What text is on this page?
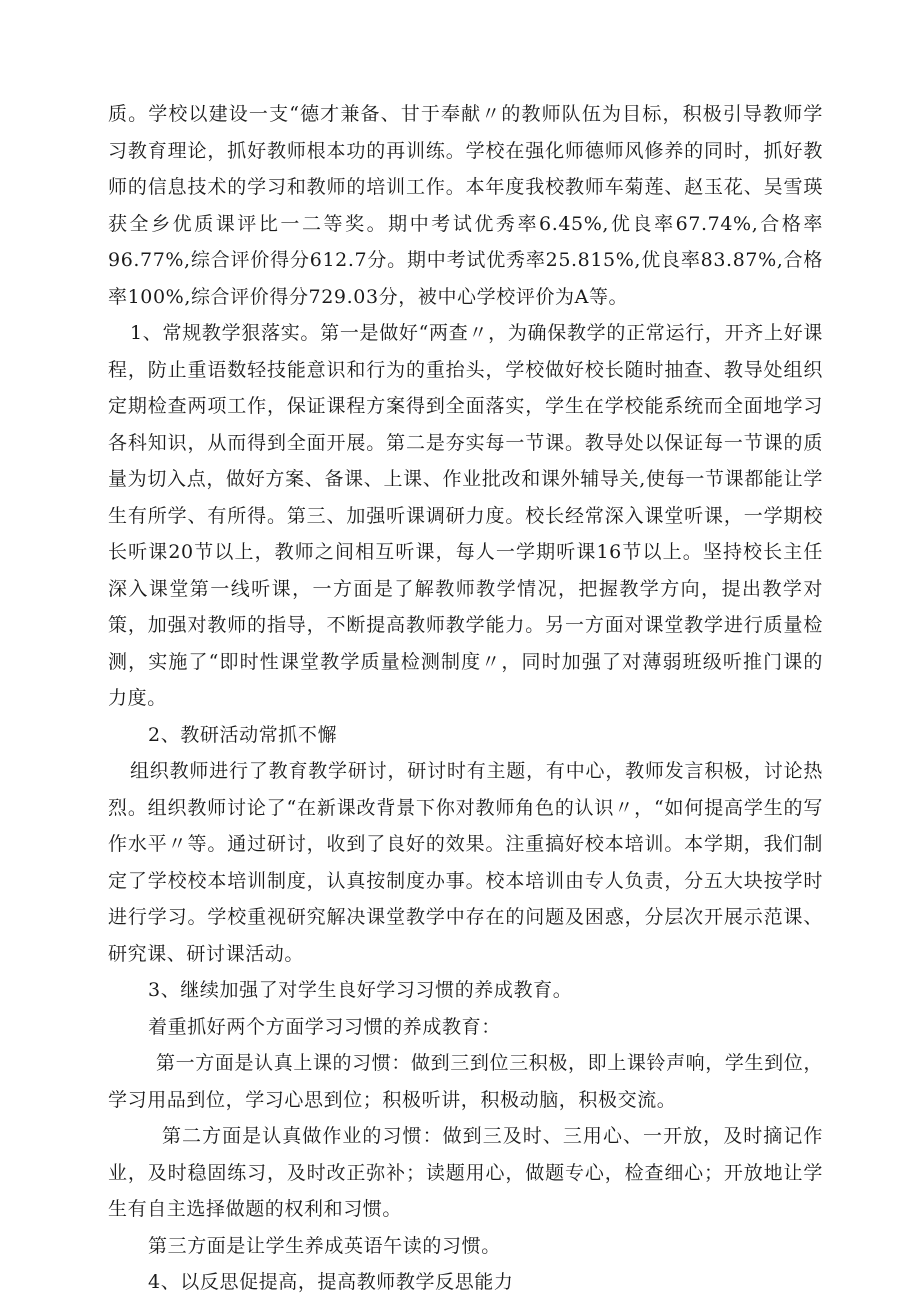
质。学校以建设一支“德才兼备、甘于奉献〃的教师队伍为目标，积极引导教师学习教育理论，抓好教师根本功的再训练。学校在强化师德师风修养的同时，抓好教师的信息技术的学习和教师的培训工作。本年度我校教师车菊莲、赵玉花、吴雪瑛获全乡优质课评比一二等奖。期中考试优秀率6.45%,优良率67.74%,合格率96.77%,综合评价得分612.7分。期中考试优秀率25.815%,优良率83.87%,合格率100%,综合评价得分729.03分，被中心学校评价为A等。

1、常规教学狠落实。第一是做好“两查〃，为确保教学的正常运行，开齐上好课程，防止重语数轻技能意识和行为的重抬头，学校做好校长随时抽查、教导处组织定期检查两项工作，保证课程方案得到全面落实，学生在学校能系统而全面地学习各科知识，从而得到全面开展。第二是夯实每一节课。教导处以保证每一节课的质量为切入点，做好方案、备课、上课、作业批改和课外辅导关,使每一节课都能让学生有所学、有所得。第三、加强听课调研力度。校长经常深入课堂听课，一学期校长听课20节以上，教师之间相互听课，每人一学期听课16节以上。坚持校长主任深入课堂第一线听课，一方面是了解教师教学情况，把握教学方向，提出教学对策，加强对教师的指导，不断提高教师教学能力。另一方面对课堂教学进行质量检测，实施了“即时性课堂教学质量检测制度〃，同时加强了对薄弱班级听推门课的力度。

2、教研活动常抓不懈

组织教师进行了教育教学研讨，研讨时有主题，有中心，教师发言积极，讨论热烈。组织教师讨论了“在新课改背景下你对教师角色的认识〃，“如何提高学生的写作水平〃等。通过研讨，收到了良好的效果。注重搞好校本培训。本学期，我们制定了学校校本培训制度，认真按制度办事。校本培训由专人负责，分五大块按学时进行学习。学校重视研究解决课堂教学中存在的问题及困惑，分层次开展示范课、研究课、研讨课活动。

3、继续加强了对学生良好学习习惯的养成教育。

着重抓好两个方面学习习惯的养成教育：

第一方面是认真上课的习惯：做到三到位三积极，即上课铃声响，学生到位，学习用品到位，学习心思到位；积极听讲，积极动脑，积极交流。

第二方面是认真做作业的习惯：做到三及时、三用心、一开放，及时摘记作业，及时稳固练习，及时改正弥补；读题用心，做题专心，检查细心；开放地让学生有自主选择做题的权利和习惯。

第三方面是让学生养成英语午读的习惯。

4、以反思促提高，提高教师教学反思能力
